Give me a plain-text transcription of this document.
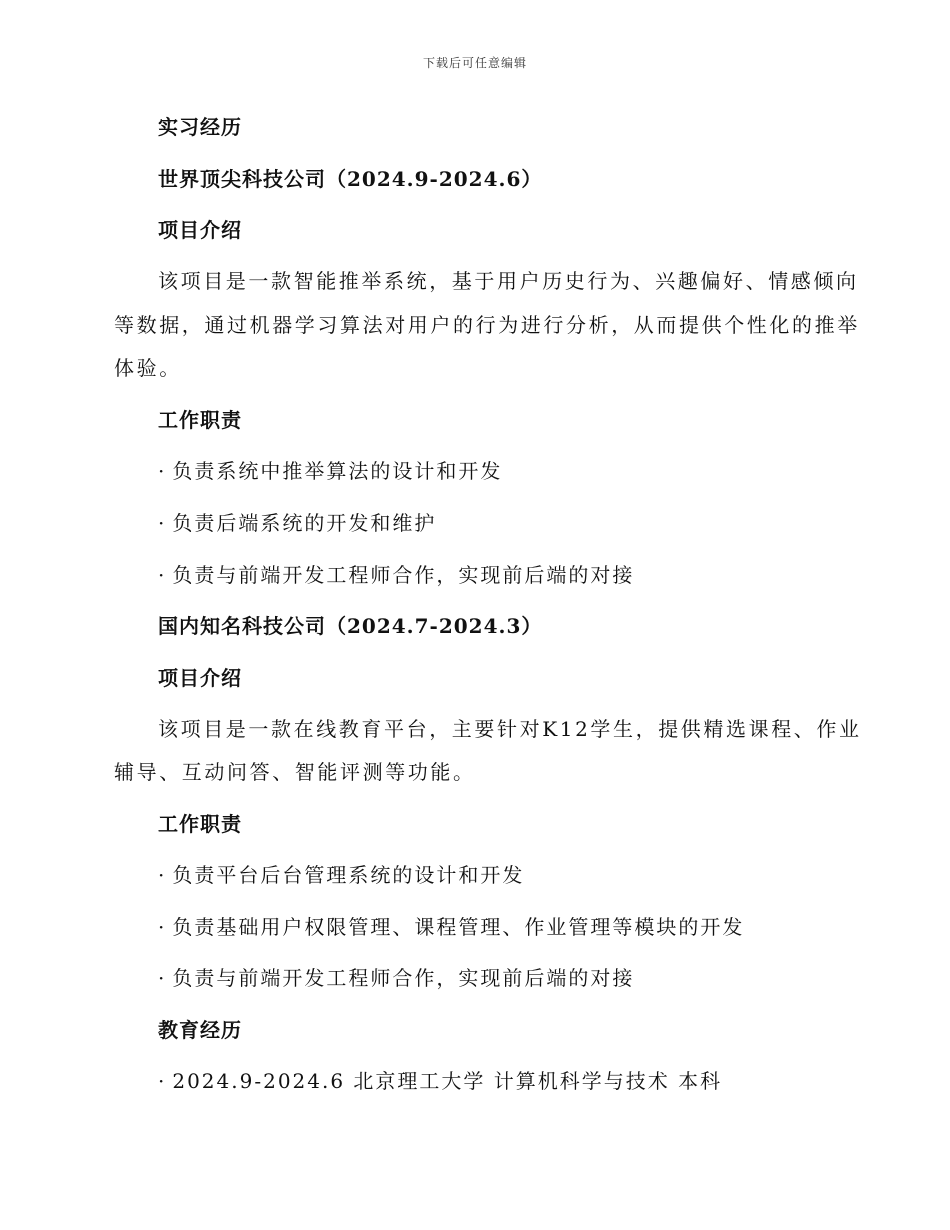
下载后可任意编辑
实习经历
世界顶尖科技公司（2024.9-2024.6）
项目介绍
该项目是一款智能推举系统，基于用户历史行为、兴趣偏好、情感倾向
等数据，通过机器学习算法对用户的行为进行分析，从而提供个性化的推举
体验。
工作职责
· 负责系统中推举算法的设计和开发
· 负责后端系统的开发和维护
· 负责与前端开发工程师合作，实现前后端的对接
国内知名科技公司（2024.7-2024.3）
项目介绍
该项目是一款在线教育平台，主要针对K12学生，提供精选课程、作业
辅导、互动问答、智能评测等功能。
工作职责
· 负责平台后台管理系统的设计和开发
· 负责基础用户权限管理、课程管理、作业管理等模块的开发
· 负责与前端开发工程师合作，实现前后端的对接
教育经历
· 2024.9-2024.6 北京理工大学 计算机科学与技术 本科
